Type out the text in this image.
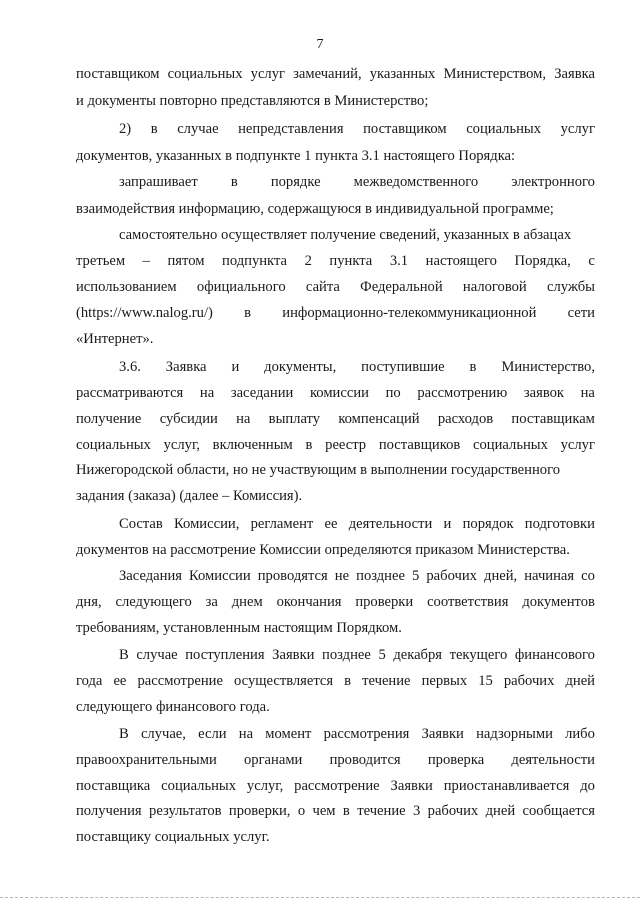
7
поставщиком социальных услуг замечаний, указанных Министерством, Заявка
и документы повторно представляются в Министерство;
2) в случае непредставления поставщиком социальных услуг
документов, указанных в подпункте 1 пункта 3.1 настоящего Порядка:
запрашивает в порядке межведомственного электронного
взаимодействия информацию, содержащуюся в индивидуальной программе;
самостоятельно осуществляет получение сведений, указанных в абзацах
третьем – пятом подпункта 2 пункта 3.1 настоящего Порядка, с
использованием официального сайта Федеральной налоговой службы
(https://www.nalog.ru/) в информационно-телекоммуникационной сети
«Интернет».
3.6. Заявка и документы, поступившие в Министерство,
рассматриваются на заседании комиссии по рассмотрению заявок на
получение субсидии на выплату компенсаций расходов поставщикам
социальных услуг, включенным в реестр поставщиков социальных услуг
Нижегородской области, но не участвующим в выполнении государственного
задания (заказа) (далее – Комиссия).
Состав Комиссии, регламент ее деятельности и порядок подготовки
документов на рассмотрение Комиссии определяются приказом Министерства.
Заседания Комиссии проводятся не позднее 5 рабочих дней, начиная со
дня, следующего за днем окончания проверки соответствия документов
требованиям, установленным настоящим Порядком.
В случае поступления Заявки позднее 5 декабря текущего финансового
года ее рассмотрение осуществляется в течение первых 15 рабочих дней
следующего финансового года.
В случае, если на момент рассмотрения Заявки надзорными либо
правоохранительными органами проводится проверка деятельности
поставщика социальных услуг, рассмотрение Заявки приостанавливается до
получения результатов проверки, о чем в течение 3 рабочих дней сообщается
поставщику социальных услуг.
